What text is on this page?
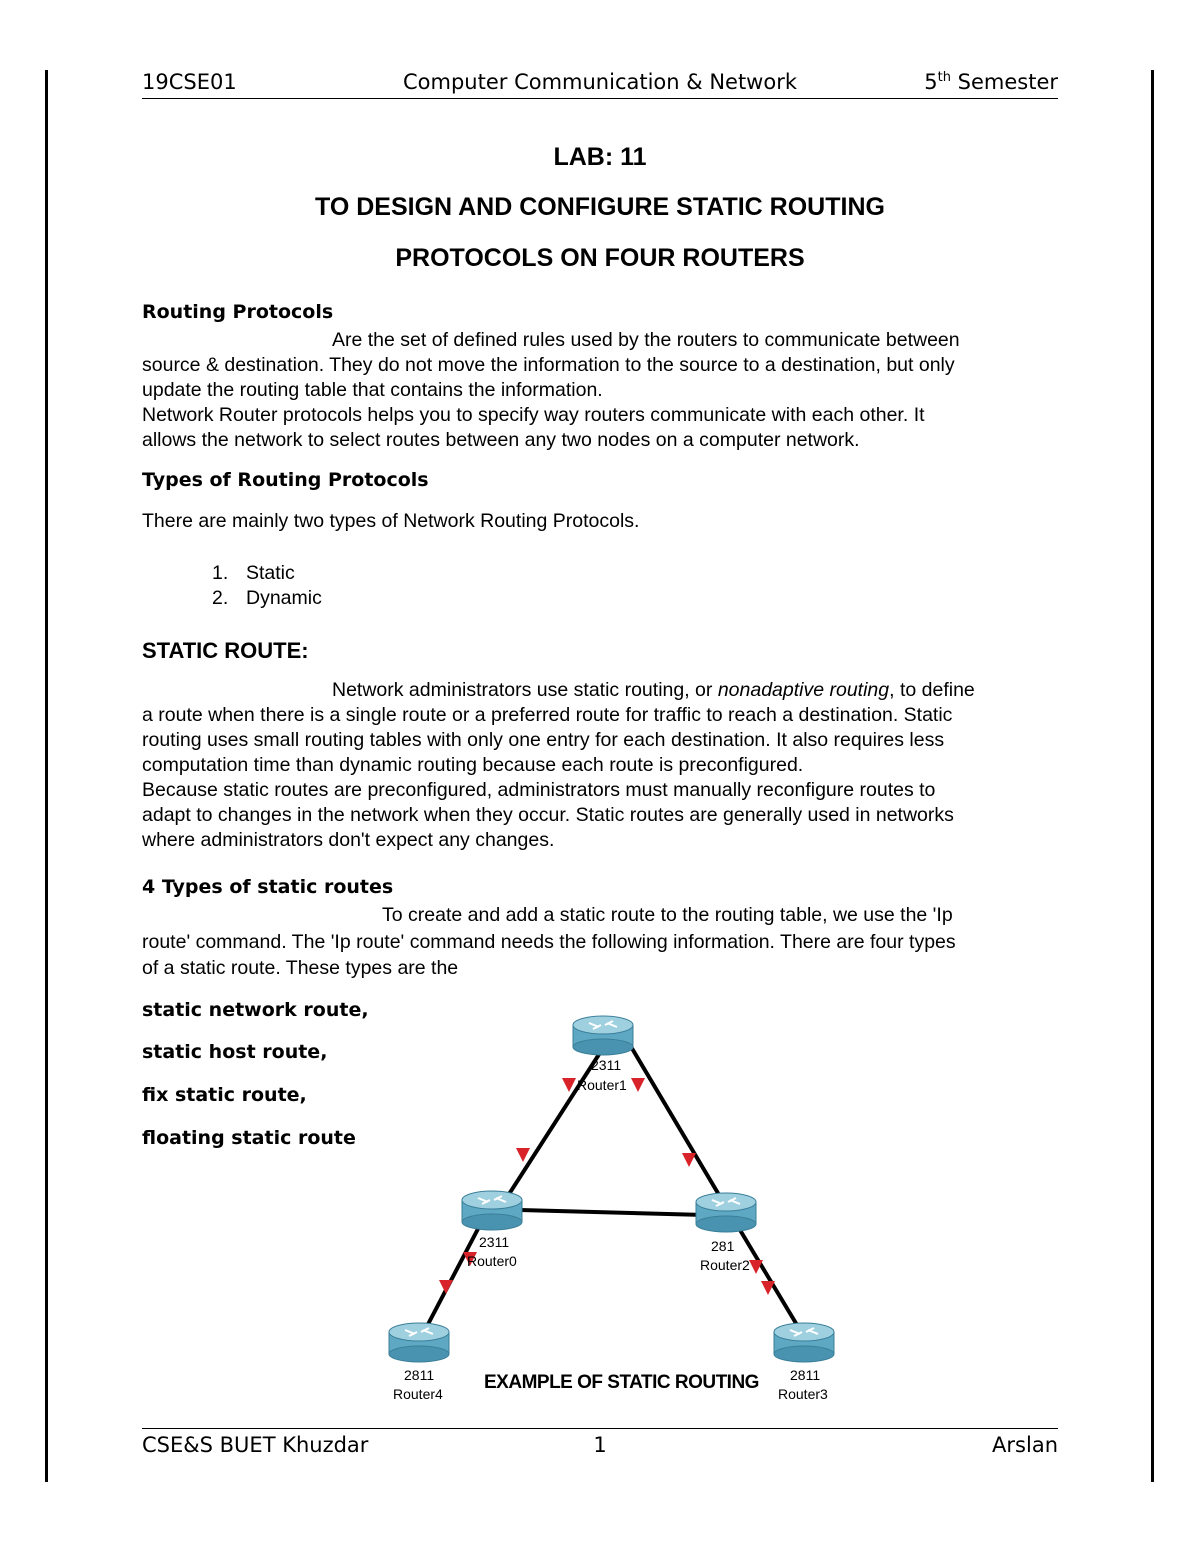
19CSE01	Computer Communication & Network	5th Semester
LAB: 11
TO DESIGN AND CONFIGURE STATIC ROUTING
PROTOCOLS ON FOUR ROUTERS
Routing Protocols
Are the set of defined rules used by the routers to communicate between
source & destination. They do not move the information to the source to a destination, but only
update the routing table that contains the information.
Network Router protocols helps you to specify way routers communicate with each other. It
allows the network to select routes between any two nodes on a computer network.
Types of Routing Protocols
There are mainly two types of Network Routing Protocols.
1. Static
2. Dynamic
STATIC ROUTE:
Network administrators use static routing, or nonadaptive routing, to define
a route when there is a single route or a preferred route for traffic to reach a destination. Static
routing uses small routing tables with only one entry for each destination. It also requires less
computation time than dynamic routing because each route is preconfigured.
Because static routes are preconfigured, administrators must manually reconfigure routes to
adapt to changes in the network when they occur. Static routes are generally used in networks
where administrators don't expect any changes.
4 Types of static routes
To create and add a static route to the routing table, we use the 'Ip
route' command. The 'Ip route' command needs the following information. There are four types
of a static route. These types are the
static network route,
static host route,
fix static route,
floating static route
2311
Router1
2311
Router0
281
Router2
2811
Router4
2811
Router3
EXAMPLE OF STATIC ROUTING
CSE&S BUET Khuzdar	1	Arslan
